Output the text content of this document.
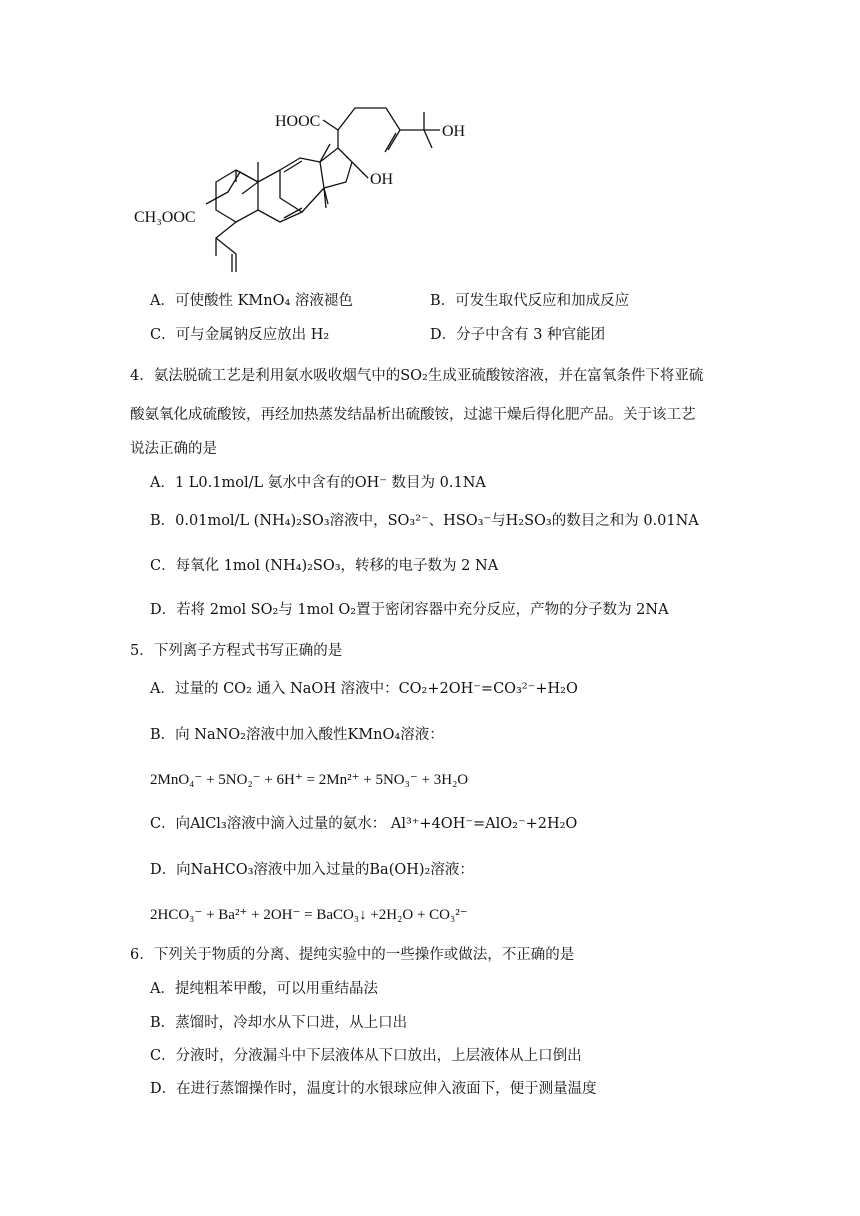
HOOC
OH
OH
CH₃OOC
A．可使酸性 KMnO₄ 溶液褪色	B．可发生取代反应和加成反应
C．可与金属钠反应放出 H₂	D．分子中含有 3 种官能团
4．氨法脱硫工艺是利用氨水吸收烟气中的SO₂生成亚硫酸铵溶液，并在富氧条件下将亚硫
酸氨氧化成硫酸铵，再经加热蒸发结晶析出硫酸铵，过滤干燥后得化肥产品。关于该工艺
说法正确的是
A．1 L0.1mol/L 氨水中含有的OH⁻ 数目为 0.1NA
B．0.01mol/L (NH₄)₂SO₃溶液中，SO₃²⁻、HSO₃⁻与H₂SO₃的数目之和为 0.01NA
C．每氧化 1mol (NH₄)₂SO₃，转移的电子数为 2 NA
D．若将 2mol SO₂与 1mol O₂置于密闭容器中充分反应，产物的分子数为 2NA
5．下列离子方程式书写正确的是
A．过量的 CO₂ 通入 NaOH 溶液中：CO₂+2OH⁻=CO₃²⁻+H₂O
B．向 NaNO₂溶液中加入酸性KMnO₄溶液：
2MnO₄⁻ + 5NO₂⁻ + 6H⁺ = 2Mn²⁺ + 5NO₃⁻ + 3H₂O
C．向AlCl₃溶液中滴入过量的氨水： Al³⁺+4OH⁻=AlO₂⁻+2H₂O
D．向NaHCO₃溶液中加入过量的Ba(OH)₂溶液：
2HCO₃⁻ + Ba²⁺ + 2OH⁻ = BaCO₃↓ +2H₂O + CO₃²⁻
6．下列关于物质的分离、提纯实验中的一些操作或做法，不正确的是
A．提纯粗苯甲酸，可以用重结晶法
B．蒸馏时，冷却水从下口进，从上口出
C．分液时，分液漏斗中下层液体从下口放出，上层液体从上口倒出
D．在进行蒸馏操作时，温度计的水银球应伸入液面下，便于测量温度
